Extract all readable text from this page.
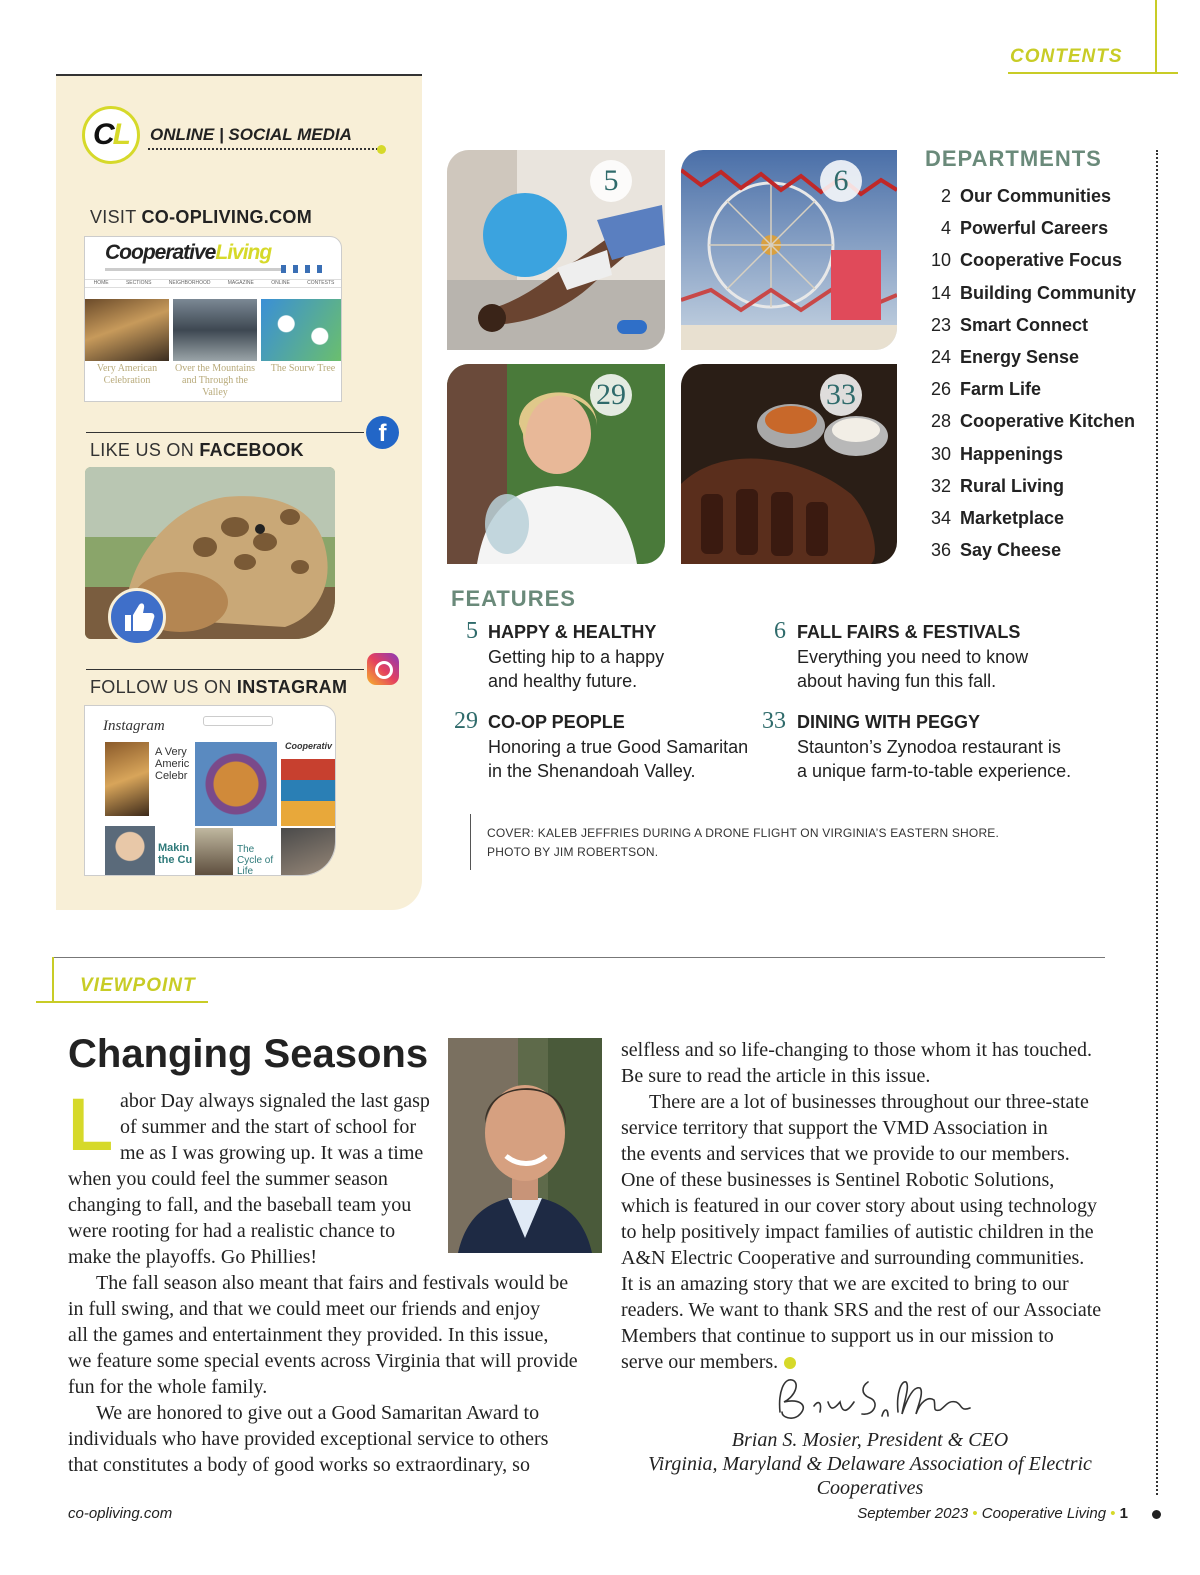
CONTENTS
C L ONLINE | SOCIAL MEDIA
VISIT CO-OPLIVING.COM
CooperativeLiving
HOME	SECTIONS	NEIGHBORHOOD	MAGAZINE	ONLINE	CONTESTS
Very American Celebration
Over the Mountains and Through the Valley
The Sourw Tree
f
LIKE US ON FACEBOOK
FOLLOW US ON INSTAGRAM
Instagram
A Very Americ Celebr
Cooperativ
Makin the Cu
The Cycle of Life
5	6
29	33
DEPARTMENTS
2 Our Communities
4 Powerful Careers
10 Cooperative Focus
14 Building Community
23 Smart Connect
24 Energy Sense
26 Farm Life
28 Cooperative Kitchen
30 Happenings
32 Rural Living
34 Marketplace
36 Say Cheese
FEATURES
5 HAPPY & HEALTHY
Getting hip to a happy
and healthy future.
6 FALL FAIRS & FESTIVALS
Everything you need to know
about having fun this fall.
29 CO-OP PEOPLE
Honoring a true Good Samaritan
in the Shenandoah Valley.
33 DINING WITH PEGGY
Staunton’s Zynodoa restaurant is
a unique farm-to-table experience.
COVER: KALEB JEFFRIES DURING A DRONE FLIGHT ON VIRGINIA’S EASTERN SHORE.
PHOTO BY JIM ROBERTSON.
VIEWPOINT
Changing Seasons
L abor Day always signaled the last gasp
of summer and the start of school for
me as I was growing up. It was a time
when you could feel the summer season
changing to fall, and the baseball team you
were rooting for had a realistic chance to
make the playoffs. Go Phillies!
The fall season also meant that fairs and festivals would be
in full swing, and that we could meet our friends and enjoy
all the games and entertainment they provided. In this issue,
we feature some special events across Virginia that will provide
fun for the whole family.
We are honored to give out a Good Samaritan Award to
individuals who have provided exceptional service to others
that constitutes a body of good works so extraordinary, so
selfless and so life-changing to those whom it has touched.
Be sure to read the article in this issue.
There are a lot of businesses throughout our three-state
service territory that support the VMD Association in
the events and services that we provide to our members.
One of these businesses is Sentinel Robotic Solutions,
which is featured in our cover story about using technology
to help positively impact families of autistic children in the
A&N Electric Cooperative and surrounding communities.
It is an amazing story that we are excited to bring to our
readers. We want to thank SRS and the rest of our Associate
Members that continue to support us in our mission to
serve our members.
Brian S. Mosier, President & CEO
Virginia, Maryland & Delaware Association of Electric Cooperatives
co-opliving.com	September 2023 • Cooperative Living • 1
